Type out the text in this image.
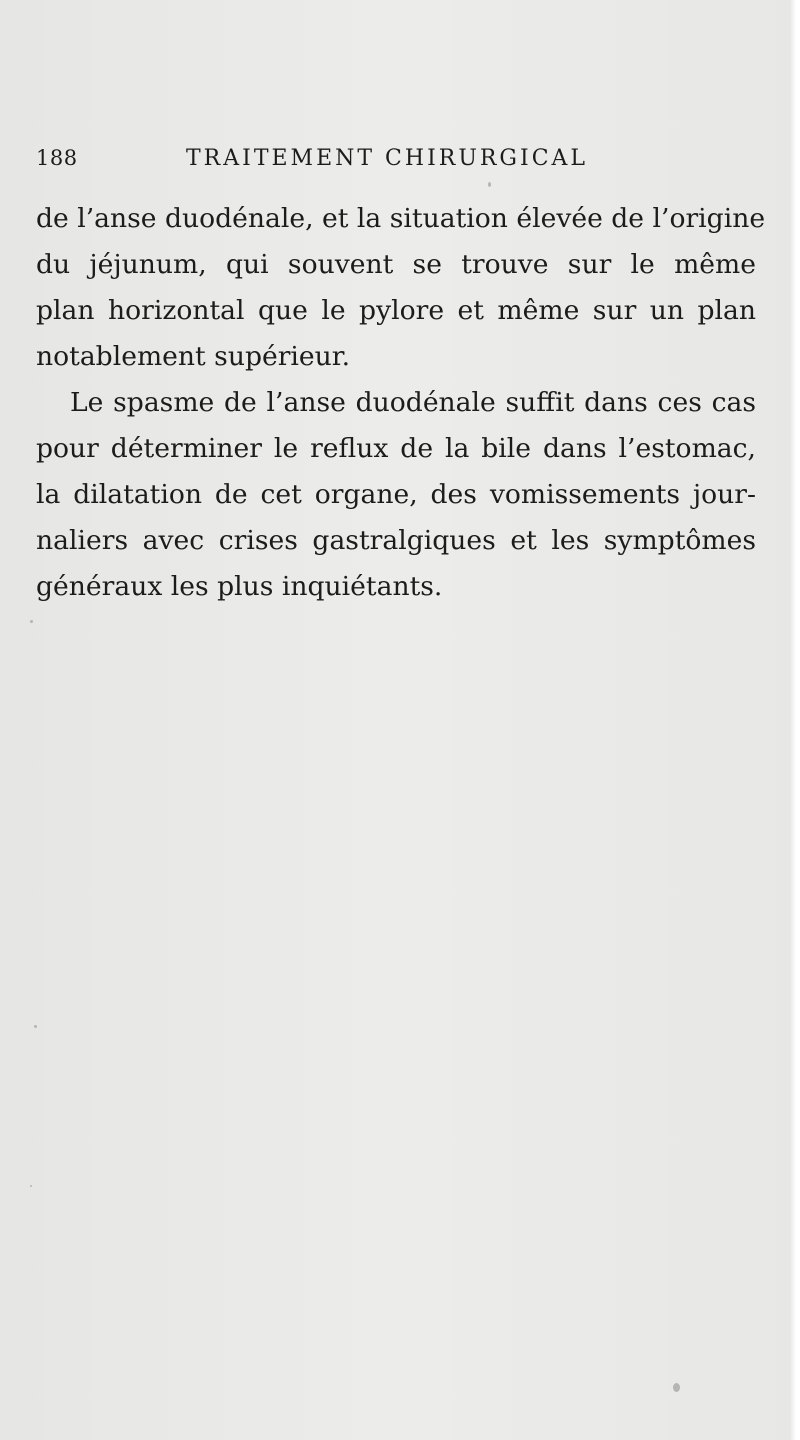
188	TRAITEMENT CHIRURGICAL
de l’anse duodénale, et la situation élevée de l’origine
du jéjunum, qui souvent se trouve sur le même
plan horizontal que le pylore et même sur un plan
notablement supérieur.
Le spasme de l’anse duodénale suffit dans ces cas
pour déterminer le reflux de la bile dans l’estomac,
la dilatation de cet organe, des vomissements jour-
naliers avec crises gastralgiques et les symptômes
généraux les plus inquiétants.
